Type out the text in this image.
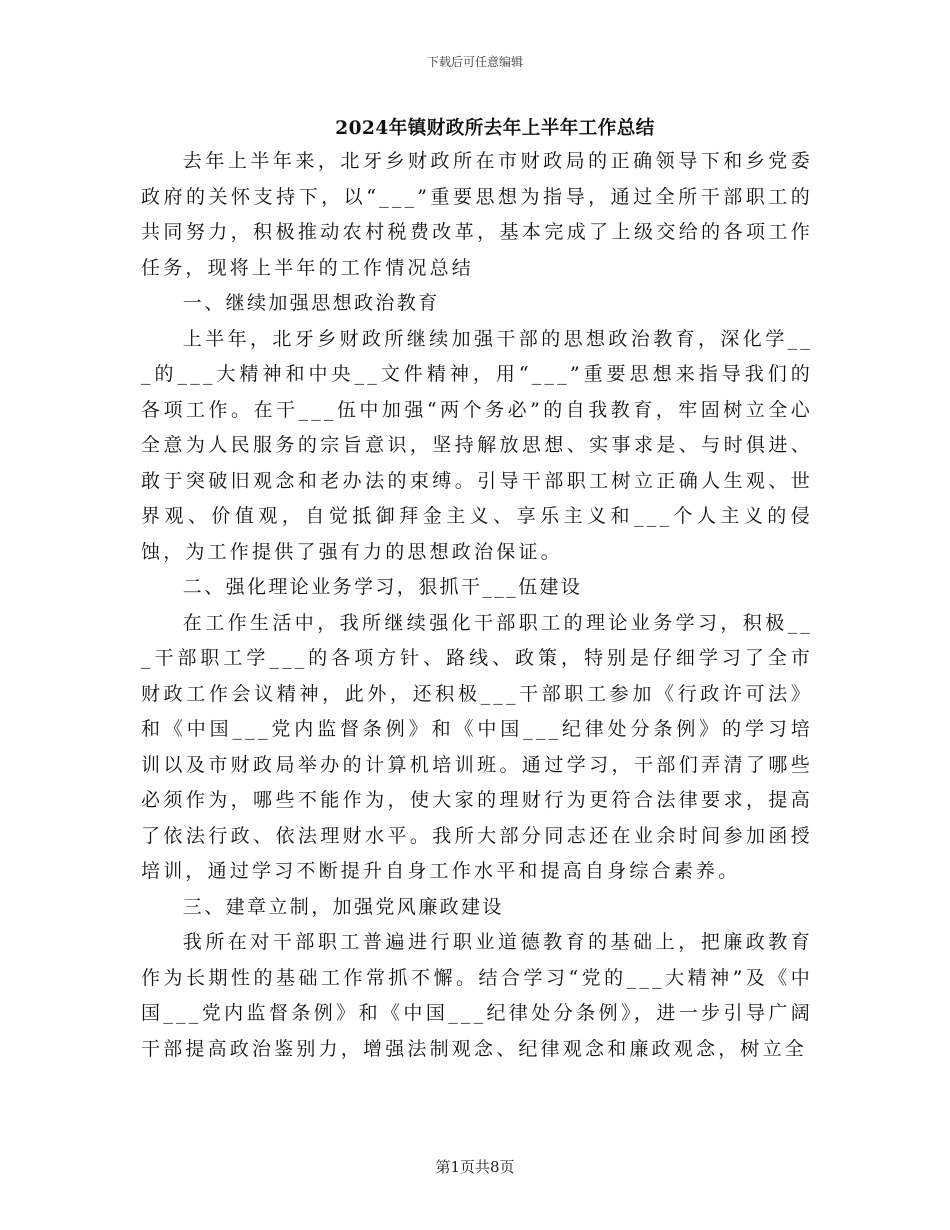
下载后可任意编辑
2024年镇财政所去年上半年工作总结

去年上半年来，北牙乡财政所在市财政局的正确领导下和乡党委政府的关怀支持下，以“___”重要思想为指导，通过全所干部职工的共同努力，积极推动农村税费改革，基本完成了上级交给的各项工作任务，现将上半年的工作情况总结

一、继续加强思想政治教育

上半年，北牙乡财政所继续加强干部的思想政治教育，深化学___的___大精神和中央__文件精神，用“___”重要思想来指导我们的各项工作。在干___伍中加强“两个务必”的自我教育，牢固树立全心全意为人民服务的宗旨意识，坚持解放思想、实事求是、与时俱进、敢于突破旧观念和老办法的束缚。引导干部职工树立正确人生观、世界观、价值观，自觉抵御拜金主义、享乐主义和___个人主义的侵蚀，为工作提供了强有力的思想政治保证。

二、强化理论业务学习，狠抓干___伍建设

在工作生活中，我所继续强化干部职工的理论业务学习，积极___干部职工学___的各项方针、路线、政策，特别是仔细学习了全市财政工作会议精神，此外，还积极___干部职工参加《行政许可法》和《中国___党内监督条例》和《中国___纪律处分条例》的学习培训以及市财政局举办的计算机培训班。通过学习，干部们弄清了哪些必须作为，哪些不能作为，使大家的理财行为更符合法律要求，提高了依法行政、依法理财水平。我所大部分同志还在业余时间参加函授培训，通过学习不断提升自身工作水平和提高自身综合素养。

三、建章立制，加强党风廉政建设

我所在对干部职工普遍进行职业道德教育的基础上，把廉政教育作为长期性的基础工作常抓不懈。结合学习“党的___大精神”及《中国___党内监督条例》和《中国___纪律处分条例》，进一步引导广阔干部提高政治鉴别力，增强法制观念、纪律观念和廉政观念，树立全

第1页共8页
